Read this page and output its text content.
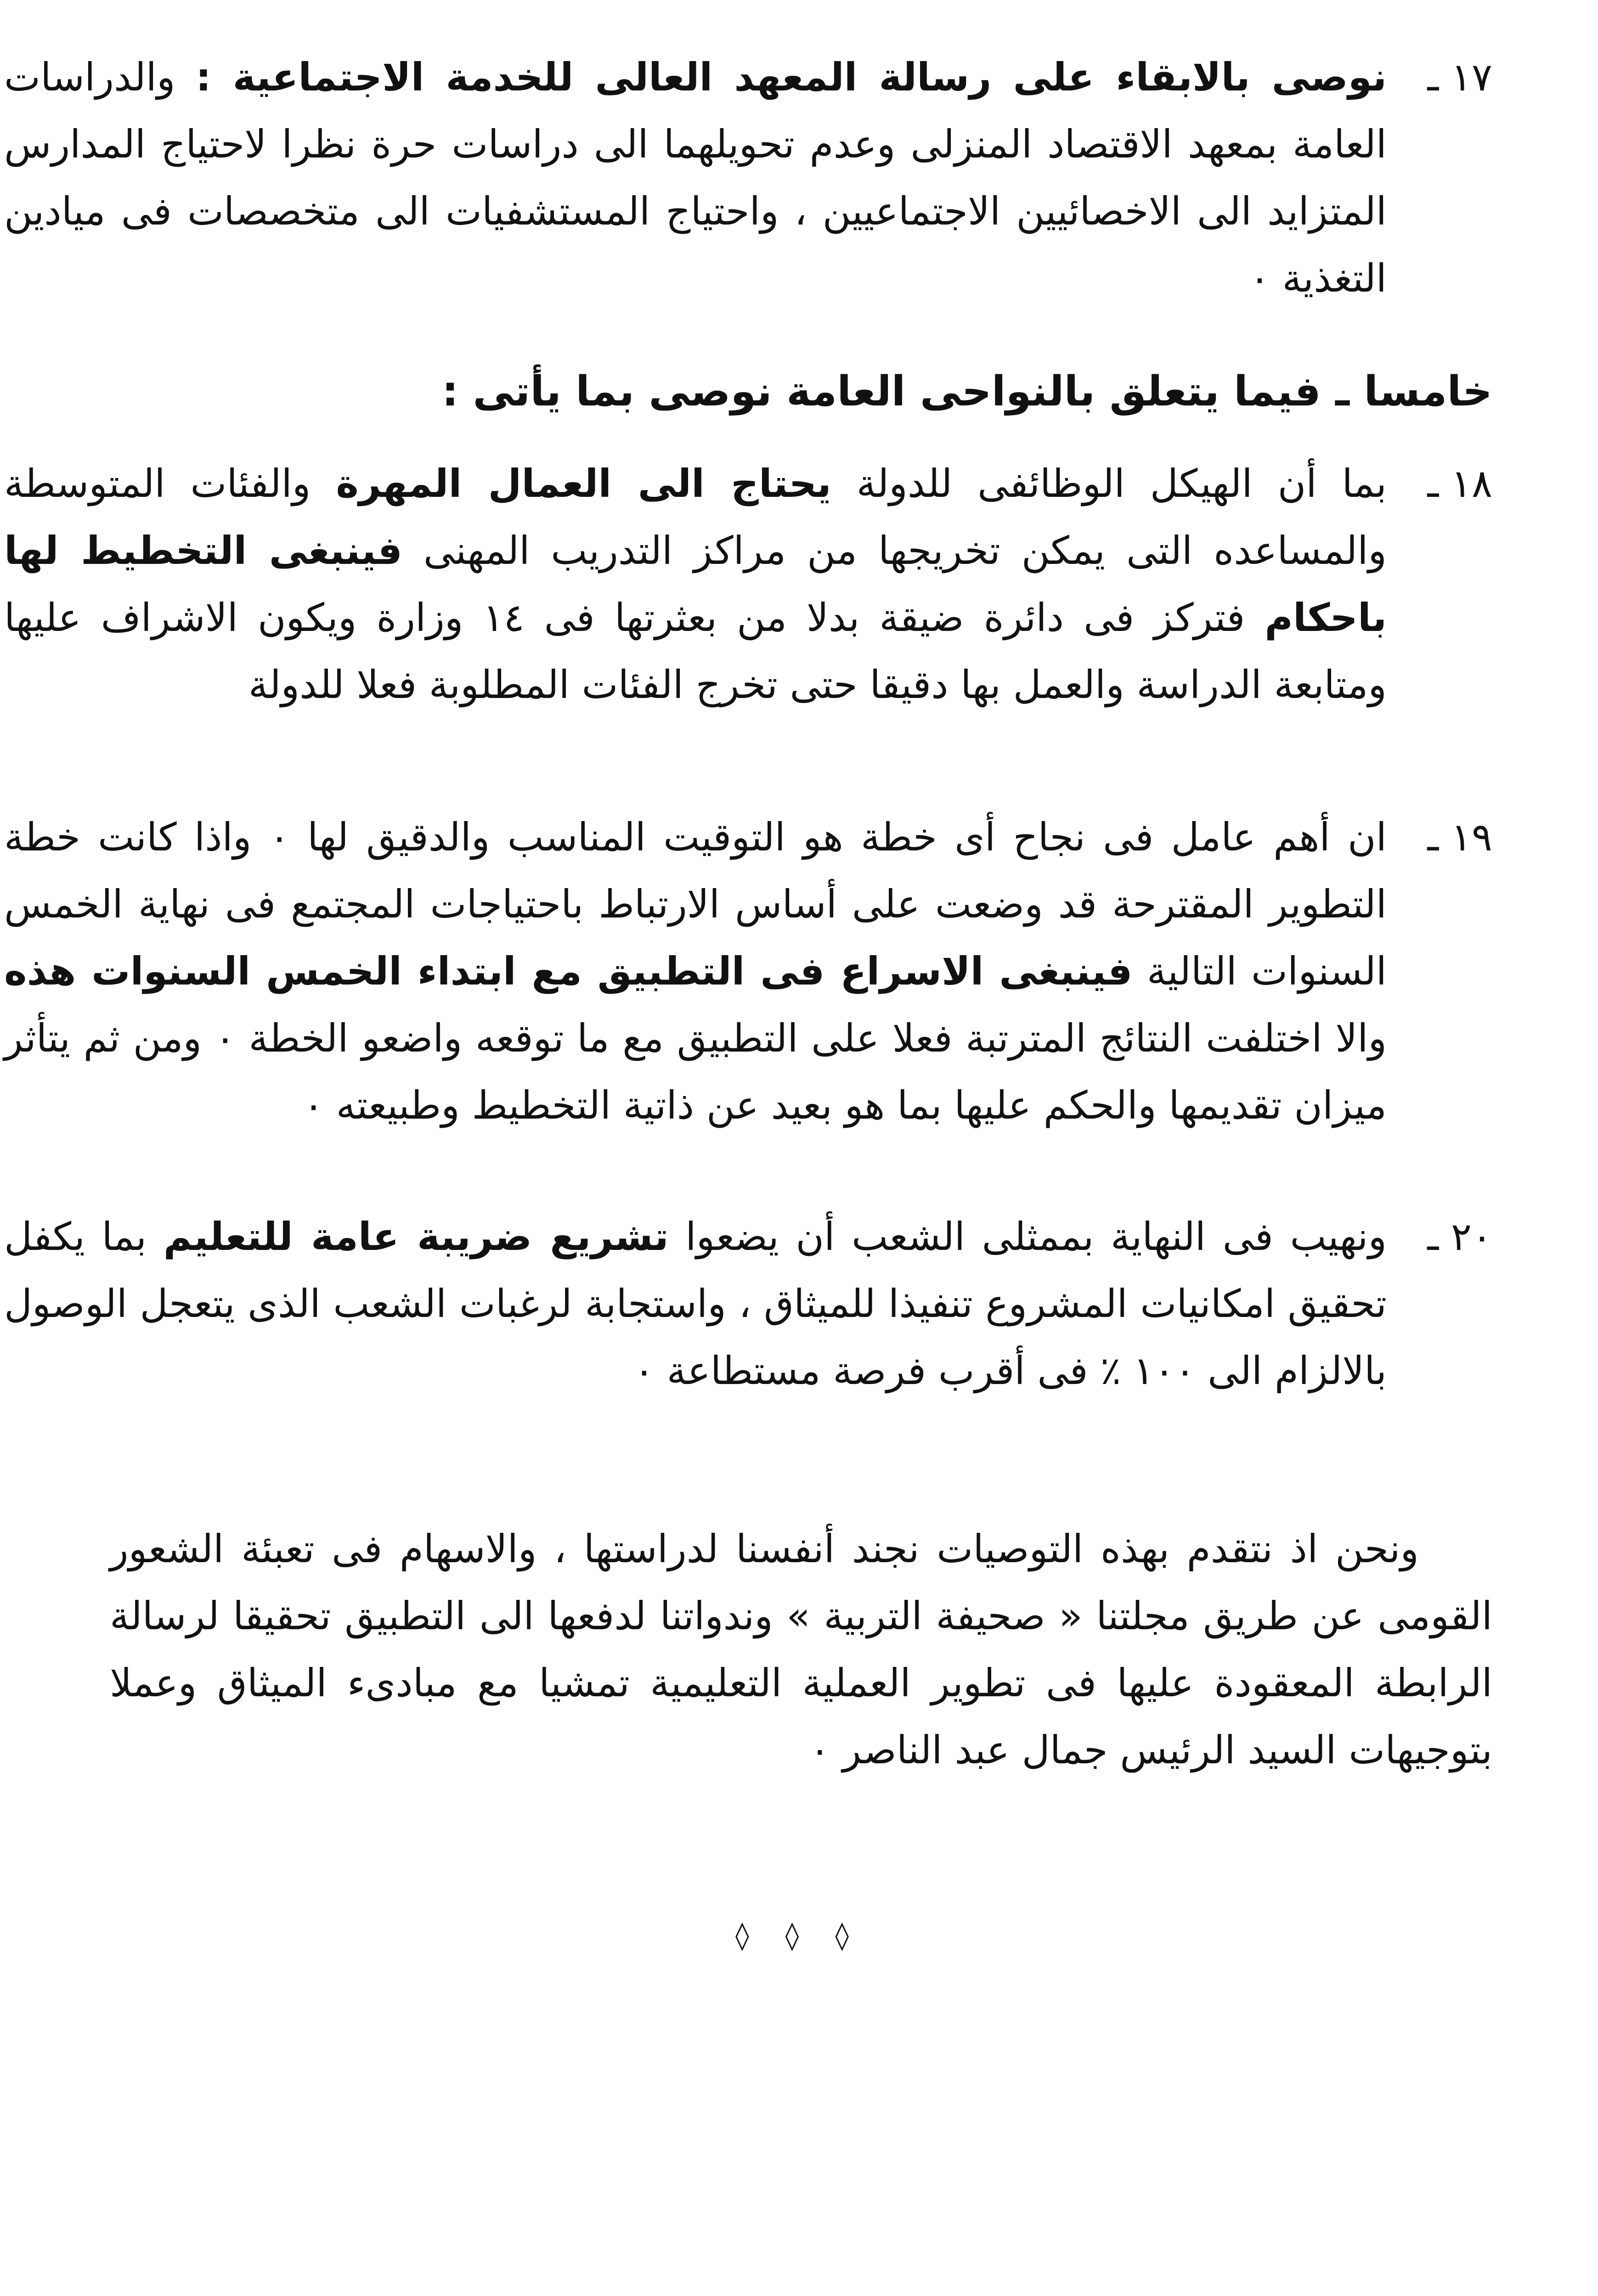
١٧ ـ
نوصى بالابقاء على رسالة المعهد العالى للخدمة الاجتماعية : والدراسات العامة بمعهد الاقتصاد المنزلى وعدم تحويلهما الى دراسات حرة نظرا لاحتياج المدارس المتزايد الى الاخصائيين الاجتماعيين ، واحتياج المستشفيات الى متخصصات فى ميادين التغذية ٠
خامسا ـ فيما يتعلق بالنواحى العامة نوصى بما يأتى :
١٨ ـ
بما أن الهيكل الوظائفى للدولة يحتاج الى العمال المهرة والفئات المتوسطة والمساعده التى يمكن تخريجها من مراكز التدريب المهنى فينبغى التخطيط لها باحكام فتركز فى دائرة ضيقة بدلا من بعثرتها فى ١٤ وزارة ويكون الاشراف عليها ومتابعة الدراسة والعمل بها دقيقا حتى تخرج الفئات المطلوبة فعلا للدولة
١٩ ـ
ان أهم عامل فى نجاح أى خطة هو التوقيت المناسب والدقيق لها ٠ واذا كانت خطة التطوير المقترحة قد وضعت على أساس الارتباط باحتياجات المجتمع فى نهاية الخمس السنوات التالية فينبغى الاسراع فى التطبيق مع ابتداء الخمس السنوات هذه والا اختلفت النتائج المترتبة فعلا على التطبيق مع ما توقعه واضعو الخطة ٠ ومن ثم يتأثر ميزان تقديمها والحكم عليها بما هو بعيد عن ذاتية التخطيط وطبيعته ٠
٢٠ ـ
ونهيب فى النهاية بممثلى الشعب أن يضعوا تشريع ضريبة عامة للتعليم بما يكفل تحقيق امكانيات المشروع تنفيذا للميثاق ، واستجابة لرغبات الشعب الذى يتعجل الوصول بالالزام الى ١٠٠ ٪ فى أقرب فرصة مستطاعة ٠
ونحن اذ نتقدم بهذه التوصيات نجند أنفسنا لدراستها ، والاسهام فى تعبئة الشعور القومى عن طريق مجلتنا « صحيفة التربية » وندواتنا لدفعها الى التطبيق تحقيقا لرسالة الرابطة المعقودة عليها فى تطوير العملية التعليمية تمشيا مع مبادىء الميثاق وعملا بتوجيهات السيد الرئيس جمال عبد الناصر ٠
◊ ◊ ◊
